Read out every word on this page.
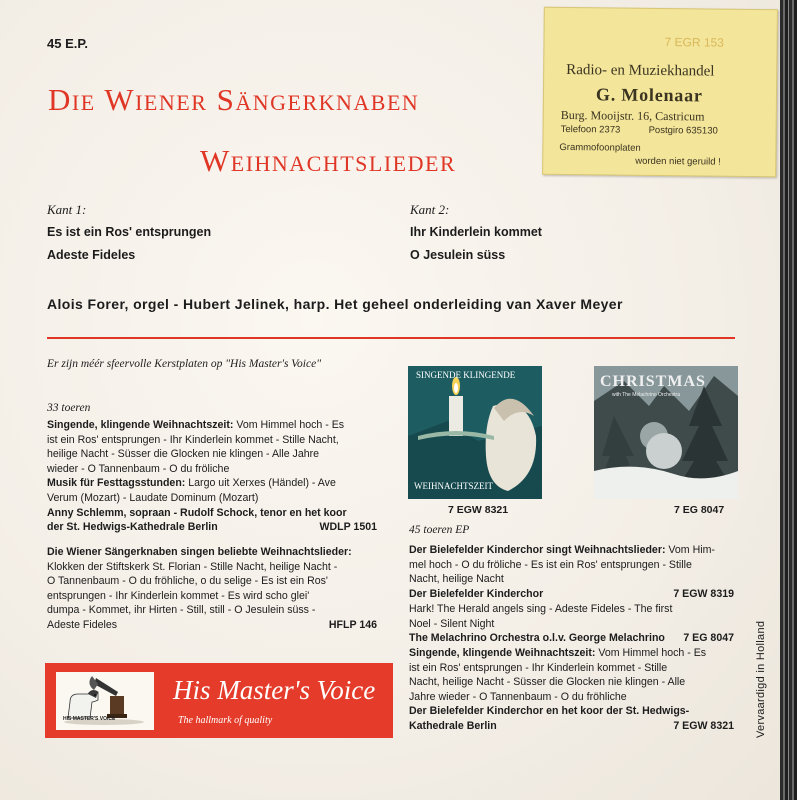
45 E.P.
Die Wiener Sängerknaben
Weihnachtslieder
7 EGR 153
Radio- en Muziekhandel
G. Molenaar
Burg. Mooijstr. 16, Castricum
Telefoon 2373	Postgiro 635130
Grammofoonplaten
worden niet geruild !
Kant 1:
Es ist ein Ros' entsprungen
Adeste Fideles
Kant 2:
Ihr Kinderlein kommet
O Jesulein süss
Alois Forer, orgel - Hubert Jelinek, harp. Het geheel onderleiding van Xaver Meyer
Er zijn méér sfeervolle Kerstplaten op "His Master's Voice"
33 toeren
Singende, klingende Weihnachtszeit: Vom Himmel hoch - Es
ist ein Ros' entsprungen - Ihr Kinderlein kommet - Stille Nacht,
heilige Nacht - Süsser die Glocken nie klingen - Alle Jahre
wieder - O Tannenbaum - O du fröliche
Musik für Festtagsstunden: Largo uit Xerxes (Händel) - Ave
Verum (Mozart) - Laudate Dominum (Mozart)
Anny Schlemm, sopraan - Rudolf Schock, tenor en het koor
der St. Hedwigs-Kathedrale Berlin	WDLP 1501
Die Wiener Sängerknaben singen beliebte Weihnachtslieder:
Klokken der Stiftskerk St. Florian - Stille Nacht, heilige Nacht -
O Tannenbaum - O du fröhliche, o du selige - Es ist ein Ros'
entsprungen - Ihr Kinderlein kommet - Es wird scho glei'
dumpa - Kommet, ihr Hirten - Still, still - O Jesulein süss -
Adeste Fideles	HFLP 146
SINGENDE KLINGENDE
WEIHNACHTSZEIT
7 EGW 8321
CHRISTMAS
with The Melachrino Orchestra
7 EG 8047
45 toeren EP
Der Bielefelder Kinderchor singt Weihnachtslieder: Vom Him-
mel hoch - O du fröliche - Es ist ein Ros' entsprungen - Stille
Nacht, heilige Nacht
Der Bielefelder Kinderchor	7 EGW 8319
Hark! The Herald angels sing - Adeste Fideles - The first
Noel - Silent Night
The Melachrino Orchestra o.l.v. George Melachrino 7 EG 8047
Singende, klingende Weihnachtszeit: Vom Himmel hoch - Es
ist ein Ros' entsprungen - Ihr Kinderlein kommet - Stille
Nacht, heilige Nacht - Süsser die Glocken nie klingen - Alle
Jahre wieder - O Tannenbaum - O du fröhliche
Der Bielefelder Kinderchor en het koor der St. Hedwigs-
Kathedrale Berlin	7 EGW 8321
HIS MASTER'S VOICE
His Master's Voice
The hallmark of quality	Vervaardigd in Holland
